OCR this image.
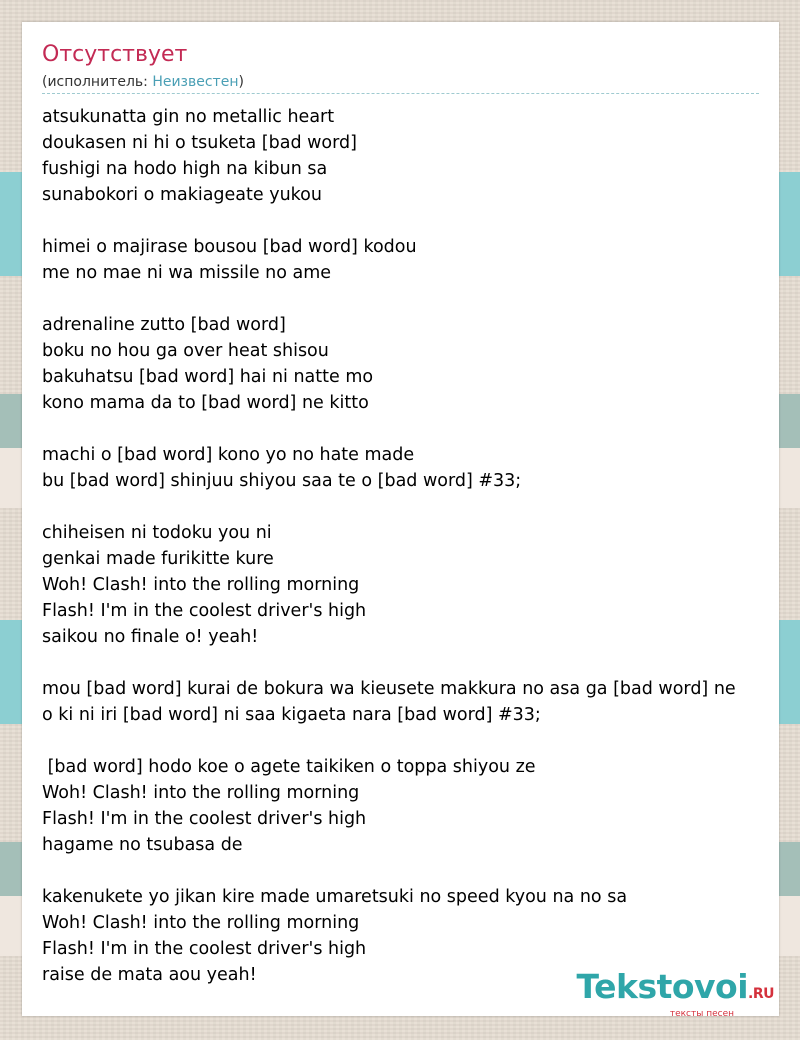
Отсутствует
(исполнитель: Неизвестен)
atsukunatta gin no metallic heart
doukasen ni hi o tsuketa [bad word]
fushigi na hodo high na kibun sa
sunabokori o makiageate yukou
himei o majirase bousou [bad word] kodou
me no mae ni wa missile no ame
adrenaline zutto [bad word]
boku no hou ga over heat shisou
bakuhatsu [bad word] hai ni natte mo
kono mama da to [bad word] ne kitto
machi o [bad word] kono yo no hate made
bu [bad word] shinjuu shiyou saa te o [bad word] #33;
chiheisen ni todoku you ni
genkai made furikitte kure
Woh! Clash! into the rolling morning
Flash! I'm in the coolest driver's high
saikou no finale o! yeah!
mou [bad word] kurai de bokura wa kieusete makkura no asa ga [bad word] ne
o ki ni iri [bad word] ni saa kigaeta nara [bad word] #33;
[bad word] hodo koe o agete taikiken o toppa shiyou ze
Woh! Clash! into the rolling morning
Flash! I'm in the coolest driver's high
hagame no tsubasa de
kakenukete yo jikan kire made umaretsuki no speed kyou na no sa
Woh! Clash! into the rolling morning
Flash! I'm in the coolest driver's high
raise de mata aou yeah!	Tekstovoi.RU
тексты песен
